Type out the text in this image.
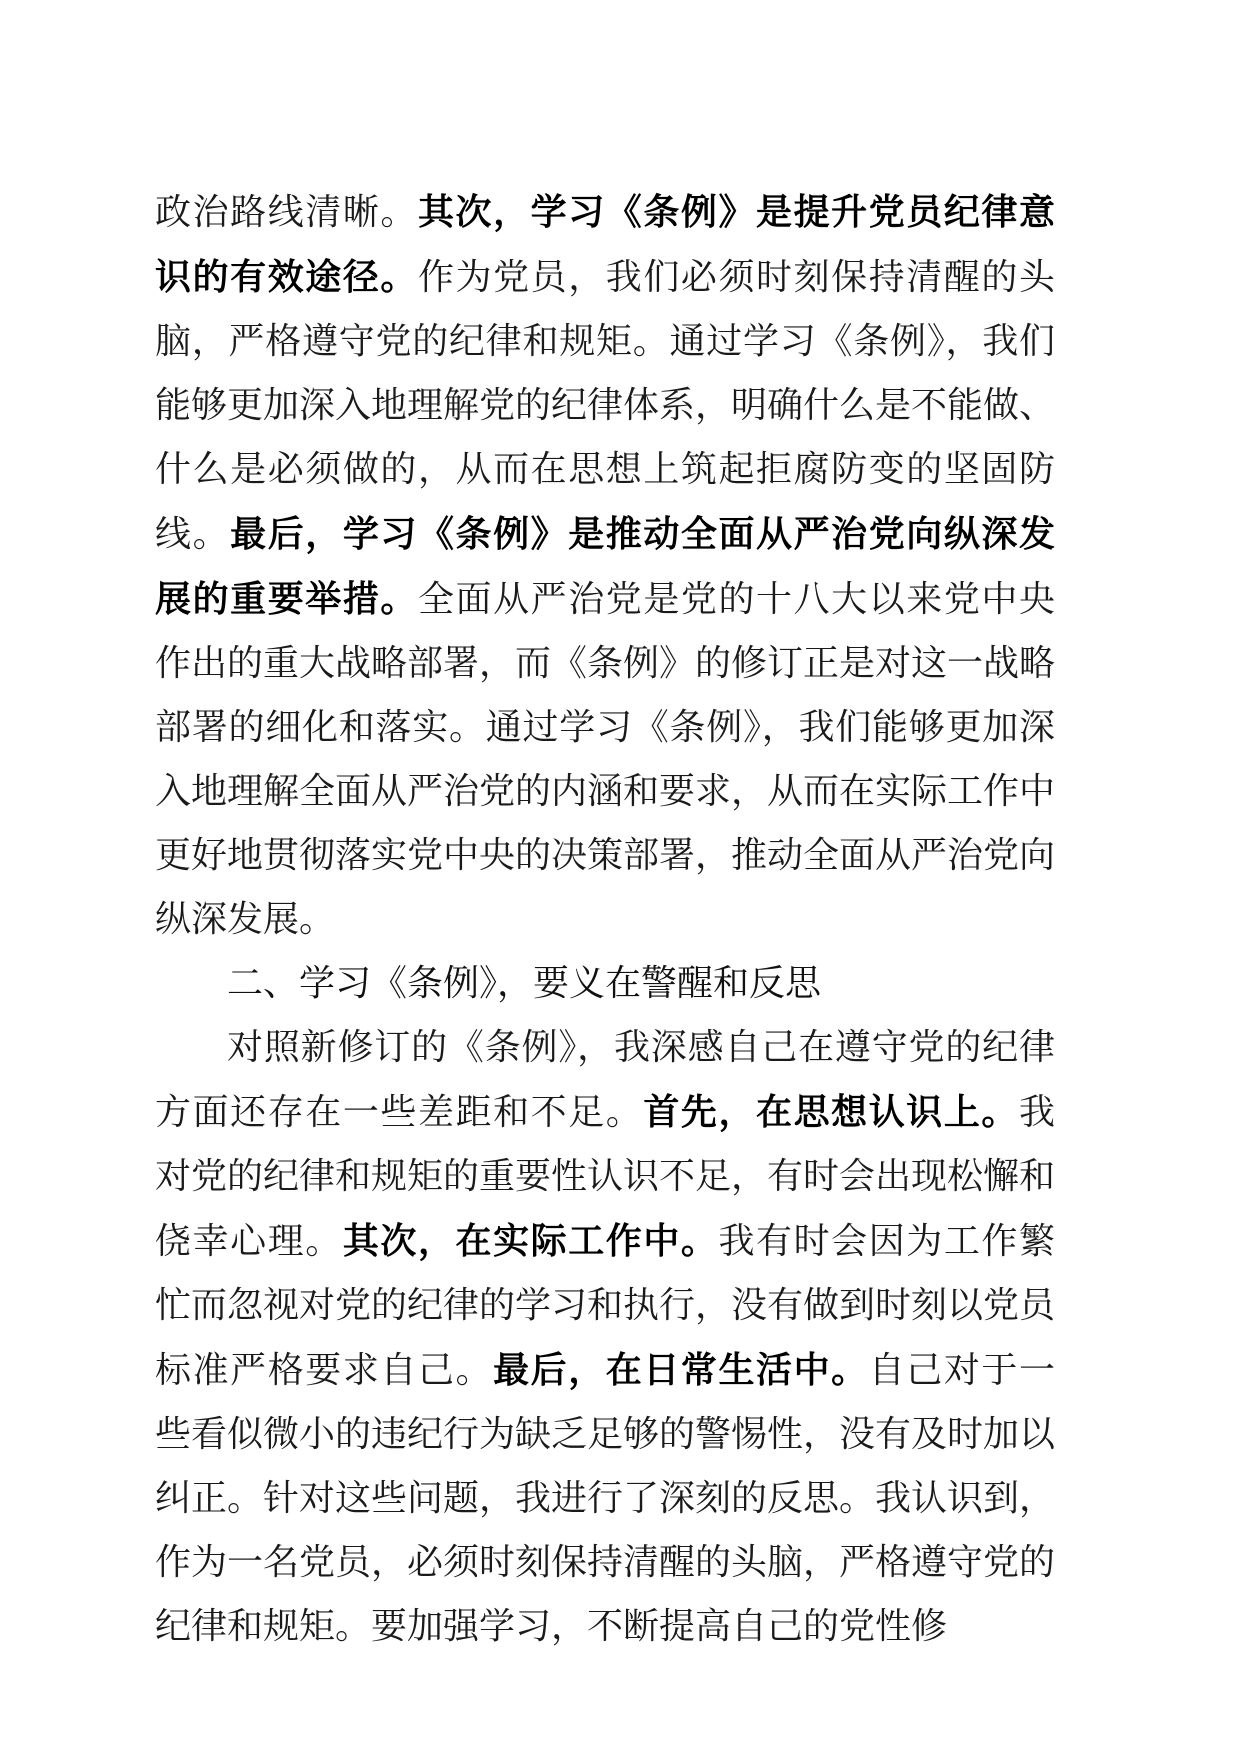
政治路线清晰。其次，学习《条例》是提升党员纪律意识的有效途径。作为党员，我们必须时刻保持清醒的头脑，严格遵守党的纪律和规矩。通过学习《条例》，我们能够更加深入地理解党的纪律体系，明确什么是不能做、什么是必须做的，从而在思想上筑起拒腐防变的坚固防线。最后，学习《条例》是推动全面从严治党向纵深发展的重要举措。全面从严治党是党的十八大以来党中央作出的重大战略部署，而《条例》的修订正是对这一战略部署的细化和落实。通过学习《条例》，我们能够更加深入地理解全面从严治党的内涵和要求，从而在实际工作中更好地贯彻落实党中央的决策部署，推动全面从严治党向纵深发展。

二、学习《条例》，要义在警醒和反思

对照新修订的《条例》，我深感自己在遵守党的纪律方面还存在一些差距和不足。首先，在思想认识上。我对党的纪律和规矩的重要性认识不足，有时会出现松懈和侥幸心理。其次，在实际工作中。我有时会因为工作繁忙而忽视对党的纪律的学习和执行，没有做到时刻以党员标准严格要求自己。最后，在日常生活中。自己对于一些看似微小的违纪行为缺乏足够的警惕性，没有及时加以纠正。针对这些问题，我进行了深刻的反思。我认识到，作为一名党员，必须时刻保持清醒的头脑，严格遵守党的纪律和规矩。要加强学习，不断提高自己的党性修
